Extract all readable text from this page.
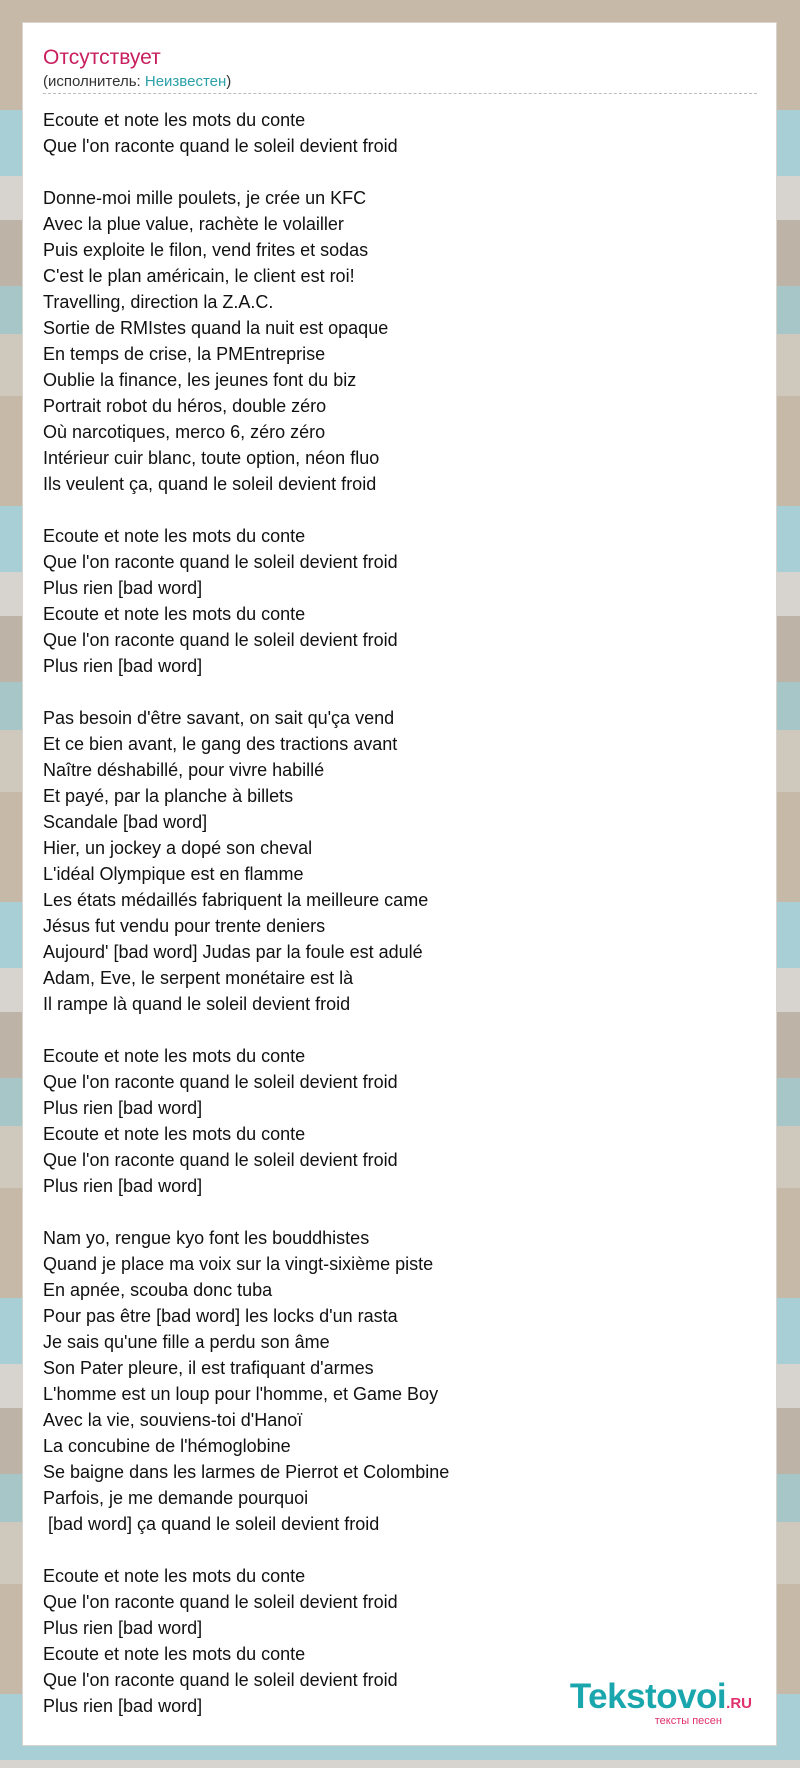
Отсутствует
(исполнитель: Неизвестен)
Ecoute et note les mots du conte
Que l'on raconte quand le soleil devient froid
Donne-moi mille poulets, je crée un KFC
Avec la plue value, rachète le volailler
Puis exploite le filon, vend frites et sodas
C'est le plan américain, le client est roi!
Travelling, direction la Z.A.C.
Sortie de RMIstes quand la nuit est opaque
En temps de crise, la PMEntreprise
Oublie la finance, les jeunes font du biz
Portrait robot du héros, double zéro
Où narcotiques, merco 6, zéro zéro
Intérieur cuir blanc, toute option, néon fluo
Ils veulent ça, quand le soleil devient froid
Ecoute et note les mots du conte
Que l'on raconte quand le soleil devient froid
Plus rien [bad word]
Ecoute et note les mots du conte
Que l'on raconte quand le soleil devient froid
Plus rien [bad word]
Pas besoin d'être savant, on sait qu'ça vend
Et ce bien avant, le gang des tractions avant
Naître déshabillé, pour vivre habillé
Et payé, par la planche à billets
Scandale [bad word]
Hier, un jockey a dopé son cheval
L'idéal Olympique est en flamme
Les états médaillés fabriquent la meilleure came
Jésus fut vendu pour trente deniers
Aujourd' [bad word] Judas par la foule est adulé
Adam, Eve, le serpent monétaire est là
Il rampe là quand le soleil devient froid
Ecoute et note les mots du conte
Que l'on raconte quand le soleil devient froid
Plus rien [bad word]
Ecoute et note les mots du conte
Que l'on raconte quand le soleil devient froid
Plus rien [bad word]
Nam yo, rengue kyo font les bouddhistes
Quand je place ma voix sur la vingt-sixième piste
En apnée, scouba donc tuba
Pour pas être [bad word] les locks d'un rasta
Je sais qu'une fille a perdu son âme
Son Pater pleure, il est trafiquant d'armes
L'homme est un loup pour l'homme, et Game Boy
Avec la vie, souviens-toi d'Hanoï
La concubine de l'hémoglobine
Se baigne dans les larmes de Pierrot et Colombine
Parfois, je me demande pourquoi
[bad word] ça quand le soleil devient froid
Ecoute et note les mots du conte
Que l'on raconte quand le soleil devient froid
Plus rien [bad word]
Ecoute et note les mots du conte
Que l'on raconte quand le soleil devient froid
Plus rien [bad word]	Tekstovoi.RU
тексты песен
